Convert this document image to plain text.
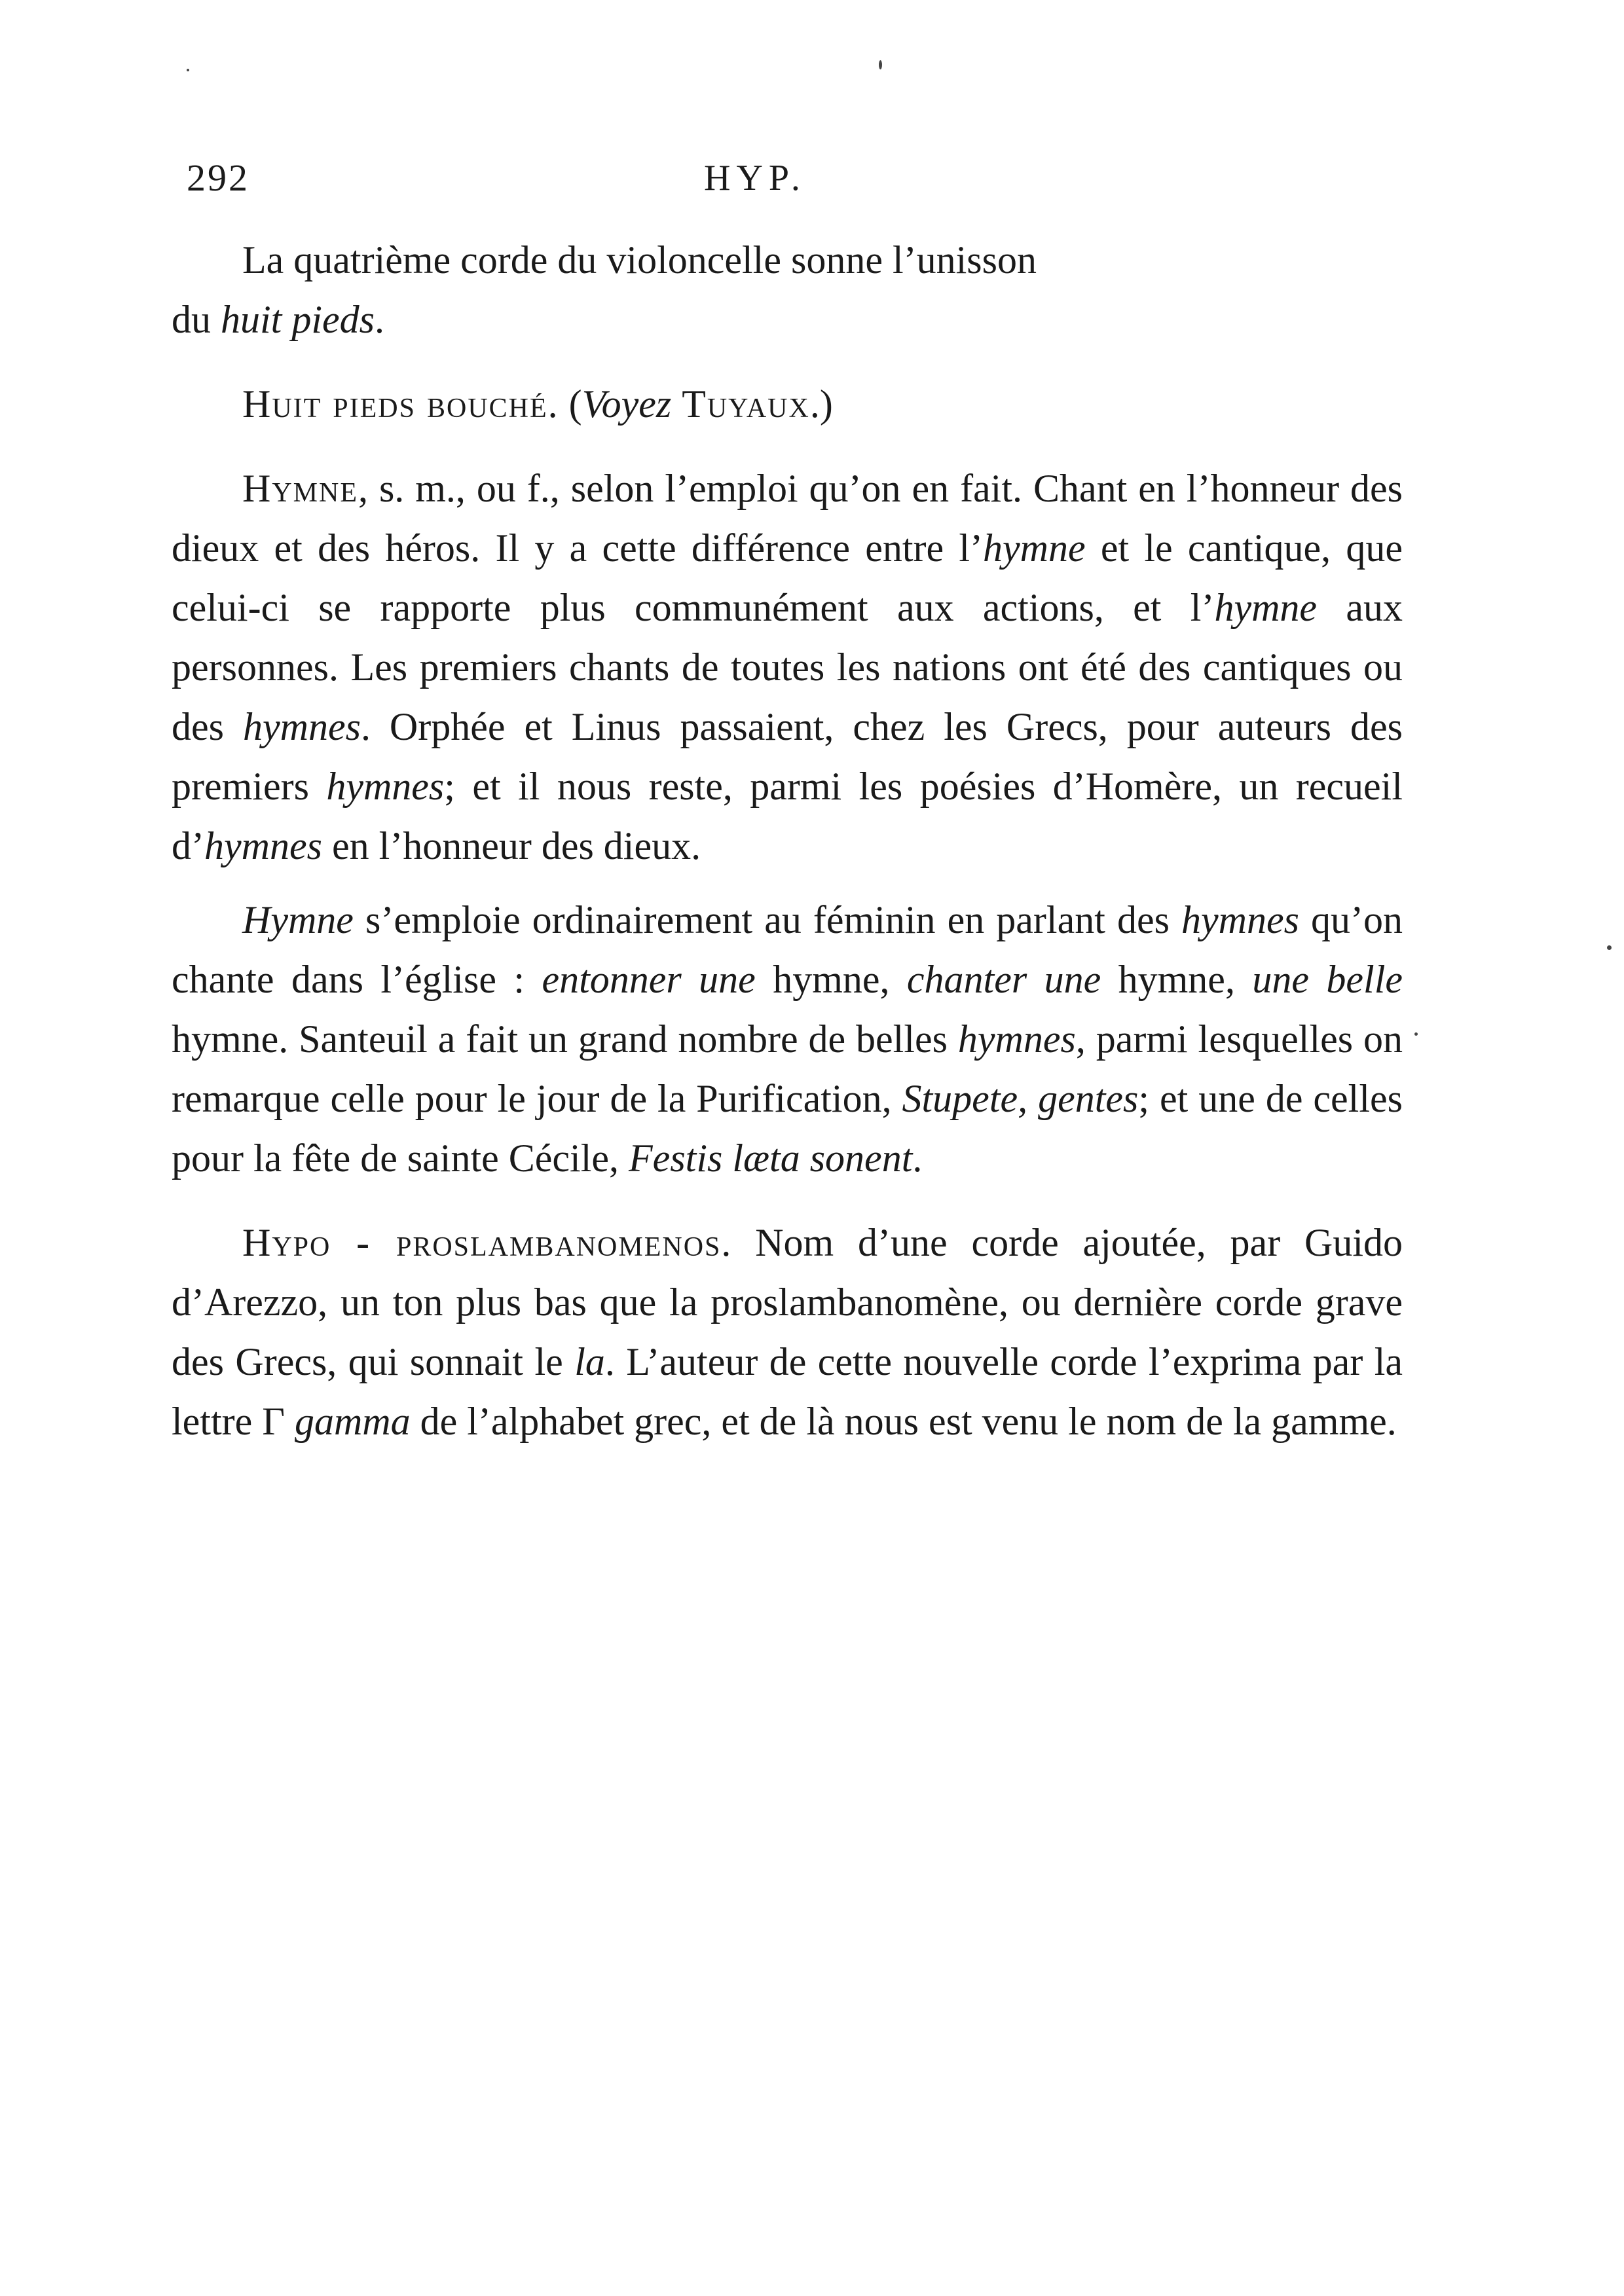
292	HYP.

La quatrième corde du violoncelle sonne l’unisson
du huit pieds.

Huit pieds bouché. (Voyez Tuyaux.)

Hymne, s. m., ou f., selon l’emploi qu’on en fait. Chant en l’honneur des dieux et des héros. Il y a cette différence entre l’hymne et le cantique, que celui-ci se rapporte plus communément aux actions, et l’hymne aux personnes. Les premiers chants de toutes les nations ont été des cantiques ou des hymnes. Orphée et Linus passaient, chez les Grecs, pour auteurs des premiers hymnes; et il nous reste, parmi les poésies d’Homère, un recueil d’hymnes en l’honneur des dieux.

Hymne s’emploie ordinairement au féminin en parlant des hymnes qu’on chante dans l’église : entonner une hymne, chanter une hymne, une belle hymne. Santeuil a fait un grand nombre de belles hymnes, parmi lesquelles on remarque celle pour le jour de la Purification, Stupete, gentes; et une de celles pour la fête de sainte Cécile, Festis læta sonent.

Hypo - proslambanomenos. Nom d’une corde ajoutée, par Guido d’Arezzo, un ton plus bas que la proslambanomène, ou dernière corde grave des Grecs, qui sonnait le la. L’auteur de cette nouvelle corde l’exprima par la lettre Γ gamma de l’alphabet grec, et de là nous est venu le nom de la gamme.
